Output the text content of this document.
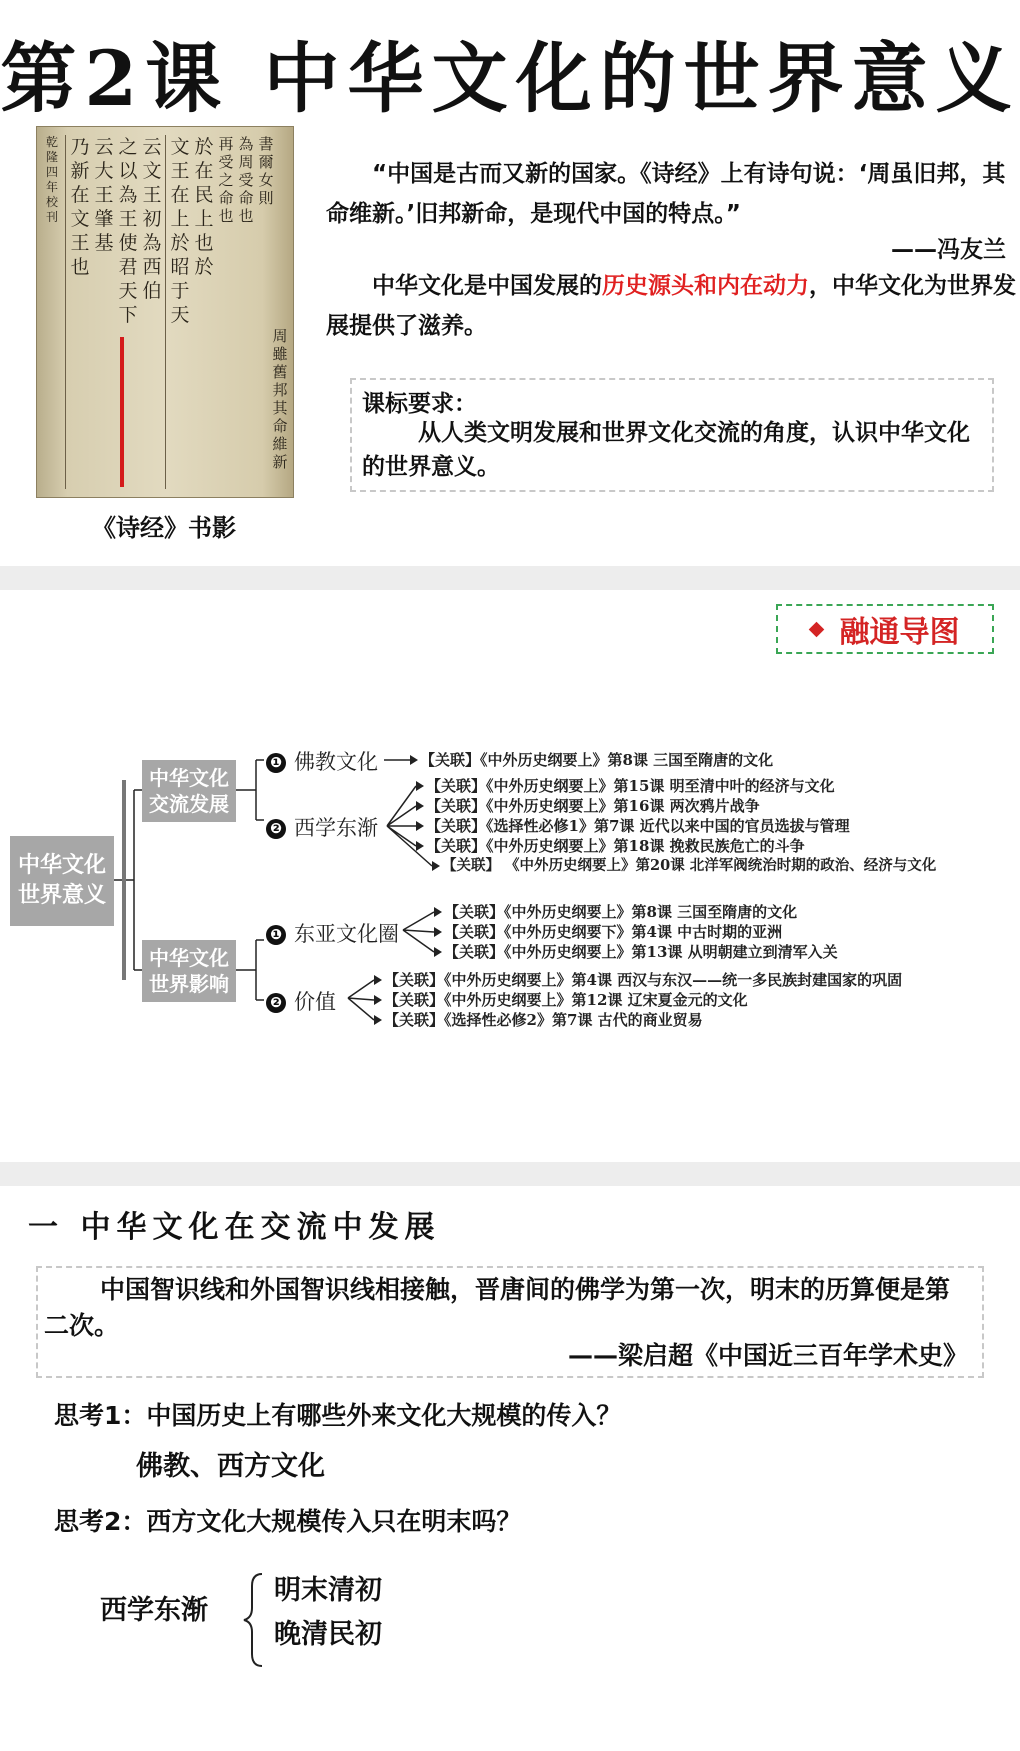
第2课 中华文化的世界意义
乾隆四年校刊
乃新在文王也
云大王肇基
之以為王使君天下
云文王初為西伯
文王在上於昭于天
於在民上也於
再受之命也
為周受命也
書爾女則
周雖舊邦其命維新
《诗经》书影
“中国是古而又新的国家。《诗经》上有诗句说：‘周虽旧邦，其命维新。’旧邦新命，是现代中国的特点。”
——冯友兰
中华文化是中国发展的历史源头和内在动力，中华文化为世界发展提供了滋养。
课标要求：
从人类文明发展和世界文化交流的角度，认识中华文化的世界意义。
融通导图
中华文化世界意义
中华文化交流发展
中华文化世界影响
❶ 佛教文化
❷ 西学东渐
❶ 东亚文化圈
❷ 价值
【关联】《中外历史纲要上》第8课 三国至隋唐的文化
【关联】《中外历史纲要上》第15课 明至清中叶的经济与文化
【关联】《中外历史纲要上》第16课 两次鸦片战争
【关联】《选择性必修1》第7课 近代以来中国的官员选拔与管理
【关联】《中外历史纲要上》第18课 挽救民族危亡的斗争
【关联】 《中外历史纲要上》第20课 北洋军阀统治时期的政治、经济与文化
【关联】《中外历史纲要上》第8课 三国至隋唐的文化
【关联】《中外历史纲要下》第4课 中古时期的亚洲
【关联】《中外历史纲要上》第13课 从明朝建立到清军入关
【关联】《中外历史纲要上》第4课 西汉与东汉——统一多民族封建国家的巩固
【关联】《中外历史纲要上》第12课 辽宋夏金元的文化
【关联】《选择性必修2》第7课 古代的商业贸易
一 中华文化在交流中发展
中国智识线和外国智识线相接触，晋唐间的佛学为第一次，明末的历算便是第二次。
——梁启超《中国近三百年学术史》
思考1：中国历史上有哪些外来文化大规模的传入？
佛教、西方文化
思考2：西方文化大规模传入只在明末吗？
西学东渐
明末清初
晚清民初
